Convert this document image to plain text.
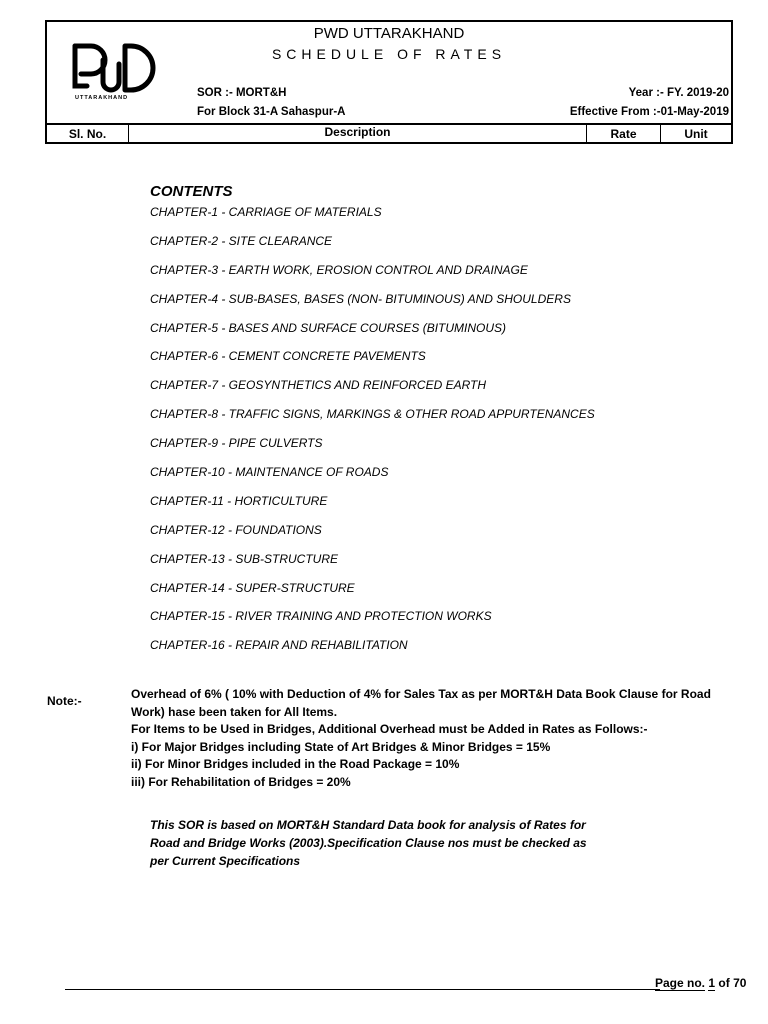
UTTARAKHAND
PWD UTTARAKHAND
SCHEDULE OF RATES
SOR :- MORT&H
For Block 31-A Sahaspur-A
Year :- FY. 2019-20
Effective From :-01-May-2019
Sl. No.	Description	Rate	Unit
CONTENTS
CHAPTER-1 - CARRIAGE OF MATERIALS
CHAPTER-2 - SITE CLEARANCE
CHAPTER-3 - EARTH WORK, EROSION CONTROL AND DRAINAGE
CHAPTER-4 - SUB-BASES, BASES (NON- BITUMINOUS) AND SHOULDERS
CHAPTER-5 - BASES AND SURFACE COURSES (BITUMINOUS)
CHAPTER-6 - CEMENT CONCRETE PAVEMENTS
CHAPTER-7 - GEOSYNTHETICS AND REINFORCED EARTH
CHAPTER-8 - TRAFFIC SIGNS, MARKINGS & OTHER ROAD APPURTENANCES
CHAPTER-9 - PIPE CULVERTS
CHAPTER-10 - MAINTENANCE OF ROADS
CHAPTER-11 - HORTICULTURE
CHAPTER-12 - FOUNDATIONS
CHAPTER-13 - SUB-STRUCTURE
CHAPTER-14 - SUPER-STRUCTURE
CHAPTER-15 - RIVER TRAINING AND PROTECTION WORKS
CHAPTER-16 - REPAIR AND REHABILITATION
Note:-	Overhead of 6% ( 10% with Deduction of 4% for Sales Tax as per MORT&H Data Book Clause for Road Work) hase been taken for All Items.
For Items to be Used in Bridges, Additional Overhead must be Added in Rates as Follows:-
i) For Major Bridges including State of Art Bridges & Minor Bridges = 15%
ii) For Minor Bridges included in the Road Package = 10%
iii) For Rehabilitation of Bridges = 20%
This SOR is based on MORT&H Standard Data book for analysis of Rates for Road and Bridge Works (2003).Specification Clause nos must be checked as per Current Specifications
Page no. 1 of 70
